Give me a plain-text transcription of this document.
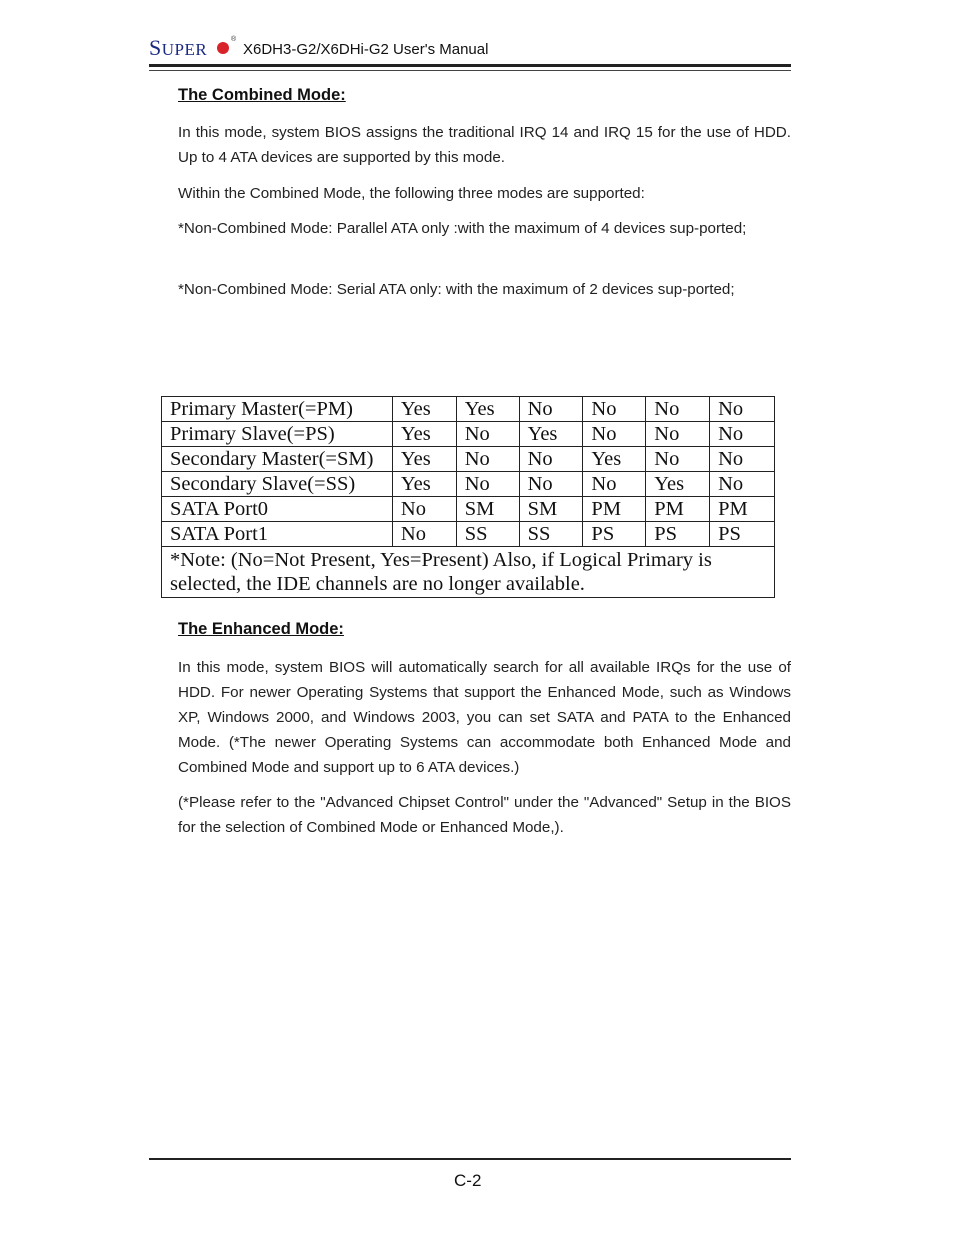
SUPER
®
X6DH3-G2/X6DHi-G2 User's Manual

The Combined Mode:

In this mode, system BIOS assigns the traditional IRQ 14 and IRQ 15 for the use of HDD. Up to 4 ATA devices are supported by this mode.

Within the Combined Mode, the following three modes are supported:

*Non-Combined Mode: Parallel ATA only :with the maximum of 4 devices sup-ported;

*Non-Combined Mode: Serial ATA only: with the maximum of 2 devices sup-ported;

Primary Master(=PM)	Yes	Yes	No	No	No	No
Primary Slave(=PS)	Yes	No	Yes	No	No	No
Secondary Master(=SM)	Yes	No	No	Yes	No	No
Secondary Slave(=SS)	Yes	No	No	No	Yes	No
SATA Port0	No	SM	SM	PM	PM	PM
SATA Port1	No	SS	SS	PS	PS	PS
*Note: (No=Not Present, Yes=Present) Also, if Logical Primary is selected, the IDE channels are no longer available.						

The Enhanced Mode:

In this mode, system BIOS will automatically search for all available IRQs for the use of HDD. For newer Operating Systems that support the Enhanced Mode, such as Windows XP, Windows 2000, and Windows 2003, you can set SATA and PATA to the Enhanced Mode. (*The newer Operating Systems can accommodate both Enhanced Mode and Combined Mode and support up to 6 ATA devices.)

(*Please refer to the "Advanced Chipset Control" under the "Advanced" Setup in the BIOS for the selection of Combined Mode or Enhanced Mode,).

C-2
